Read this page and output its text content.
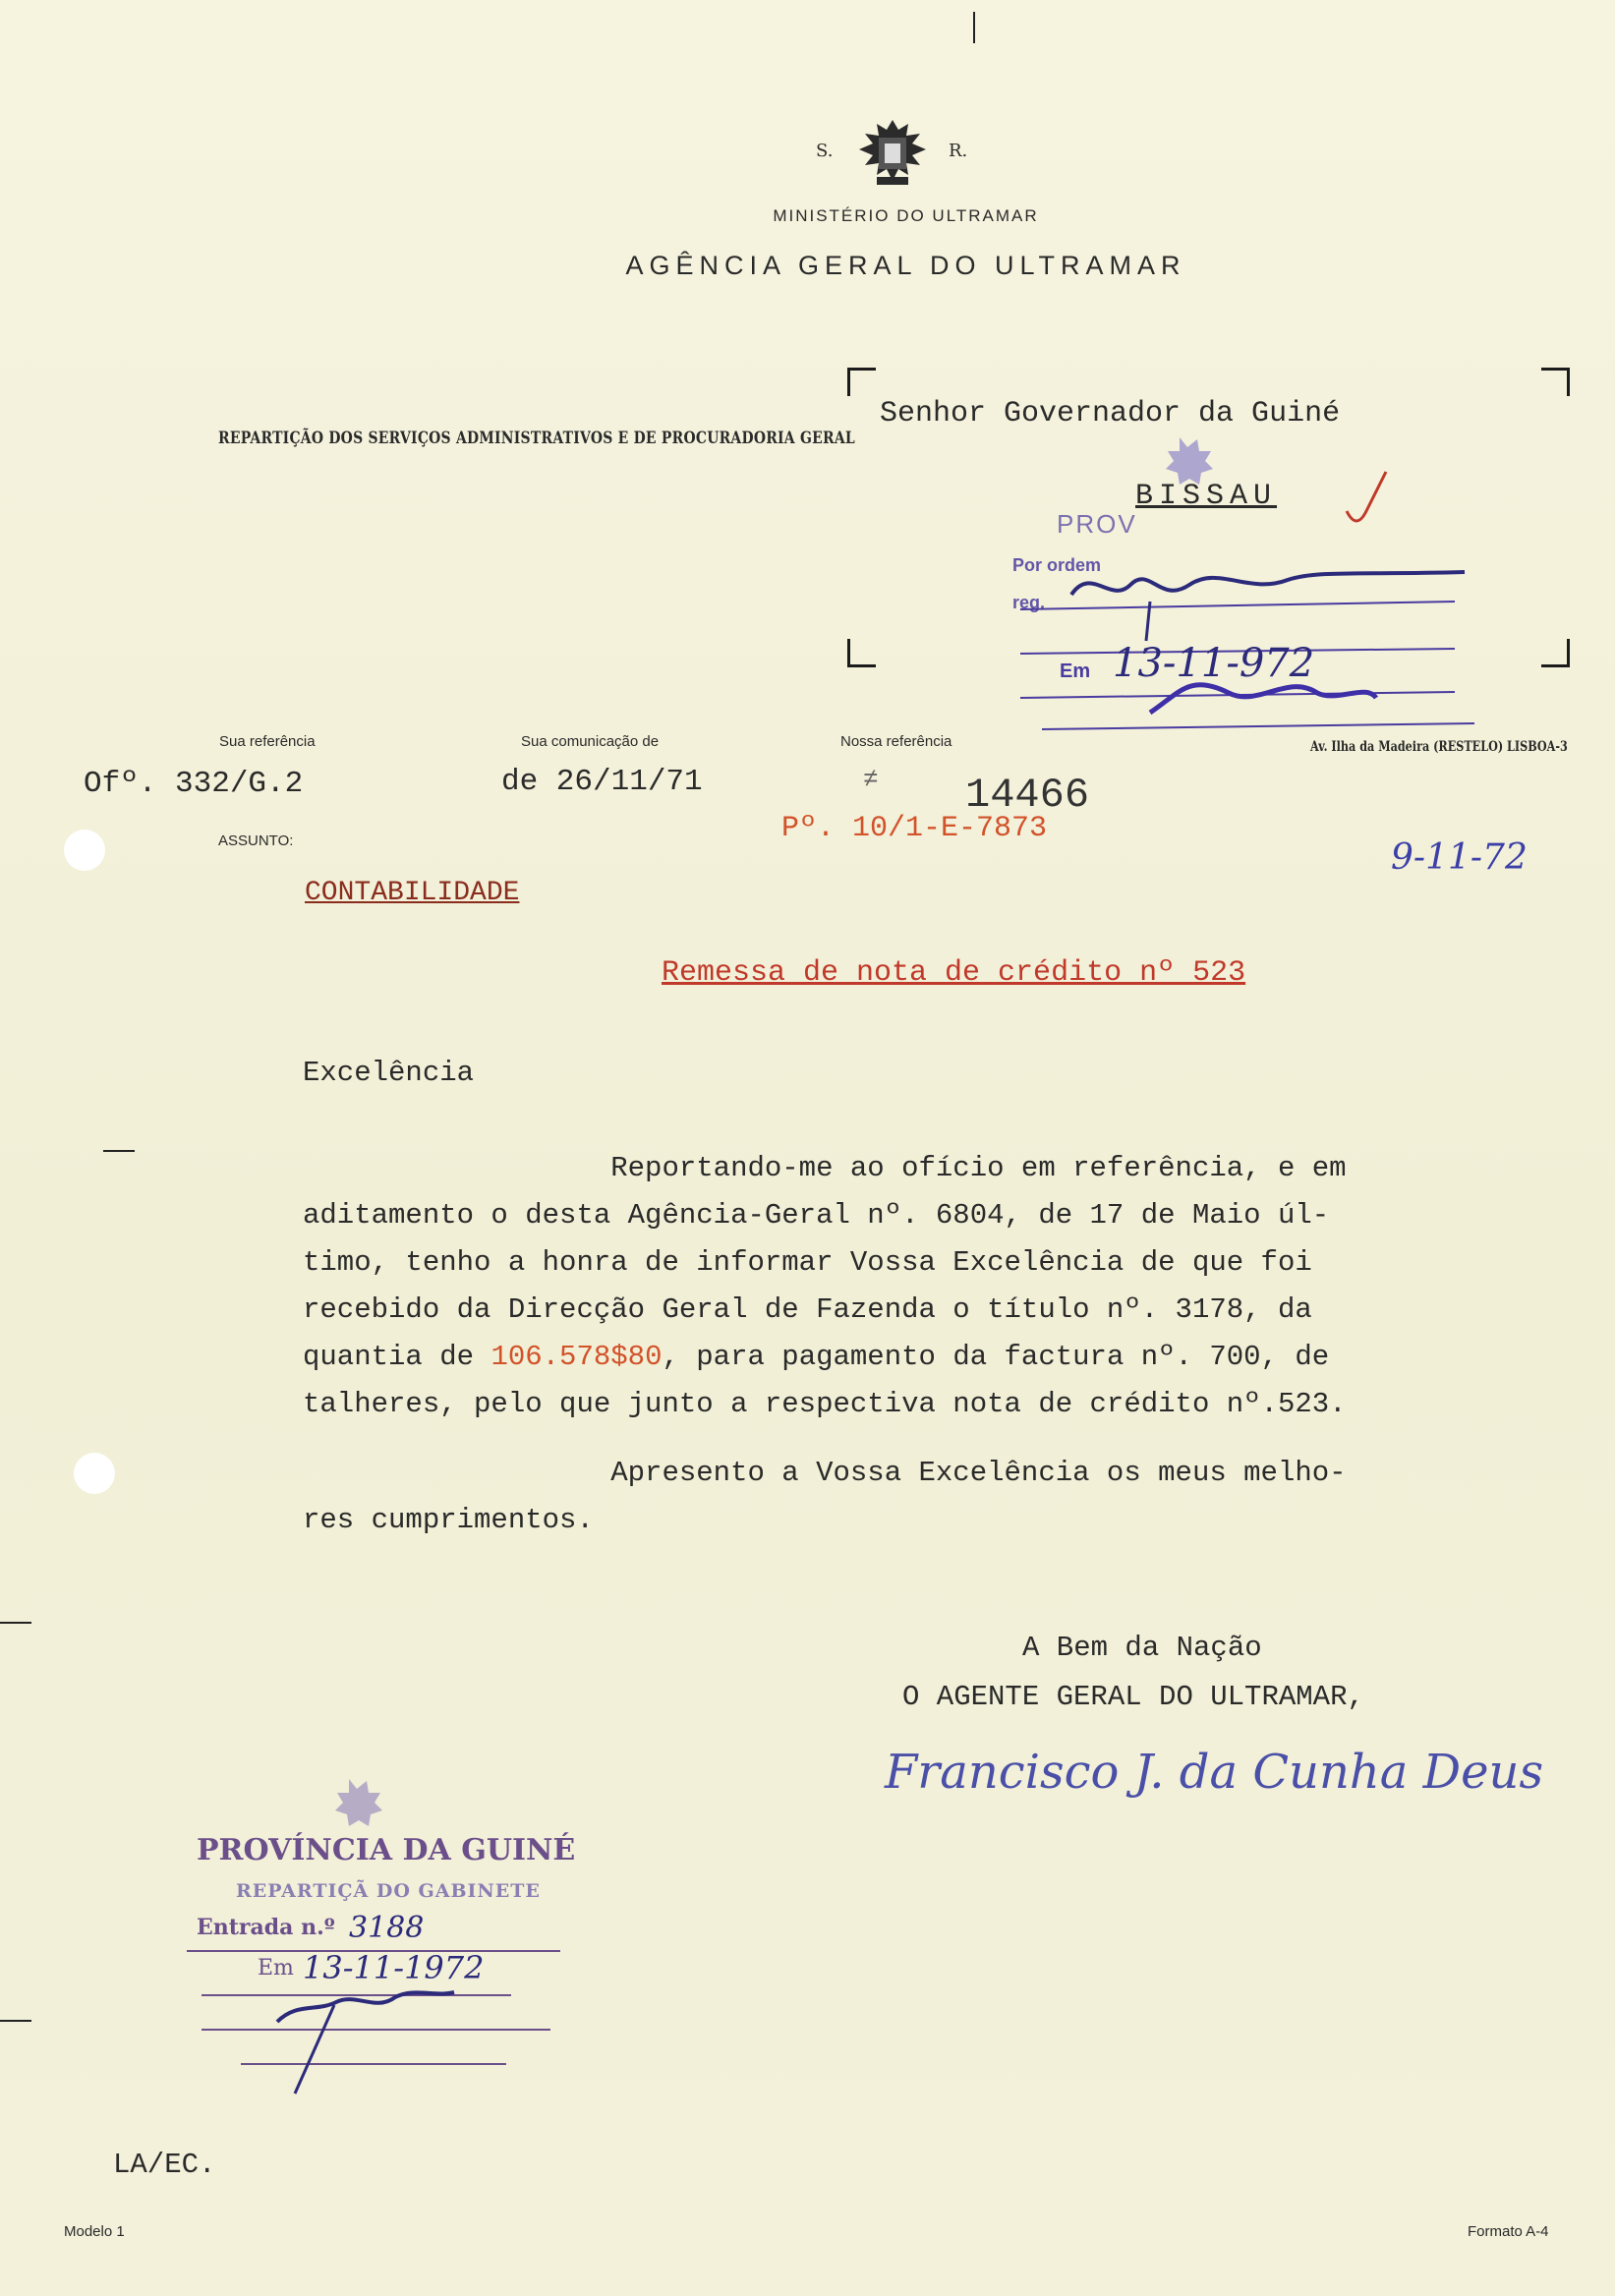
S.	R.
MINISTÉRIO DO ULTRAMAR
AGÊNCIA GERAL DO ULTRAMAR
REPARTIÇÃO DOS SERVIÇOS ADMINISTRATIVOS E DE PROCURADORIA GERAL
Senhor Governador da Guiné
BISSAU
PROV
Por ordem
reg.
Em 13-11-972
Av. Ilha da Madeira (RESTELO) LISBOA-3
Sua referência	Sua comunicação de	Nossa referência
Ofº. 332/G.2	de 26/11/71	≠ 14466
Pº. 10/1-E-7873
9-11-72
ASSUNTO:
CONTABILIDADE
Remessa de nota de crédito nº 523
Excelência
Reportando-me ao ofício em referência, e em
aditamento o desta Agência-Geral nº. 6804, de 17 de Maio úl-
timo, tenho a honra de informar Vossa Excelência de que foi
recebido da Direcção Geral de Fazenda o título nº. 3178, da
quantia de 106.578$80, para pagamento da factura nº. 700, de
talheres, pelo que junto a respectiva nota de crédito nº.523.
Apresento a Vossa Excelência os meus melho-
res cumprimentos.
A Bem da Nação
O AGENTE GERAL DO ULTRAMAR,
Francisco J. da Cunha Deus
PROVÍNCIA DA GUINÉ
REPARTIÇÃ DO GABINETE
Entrada n.º 3188
Em 13-11-1972
LA/EC.
Modelo 1	Formato A-4
